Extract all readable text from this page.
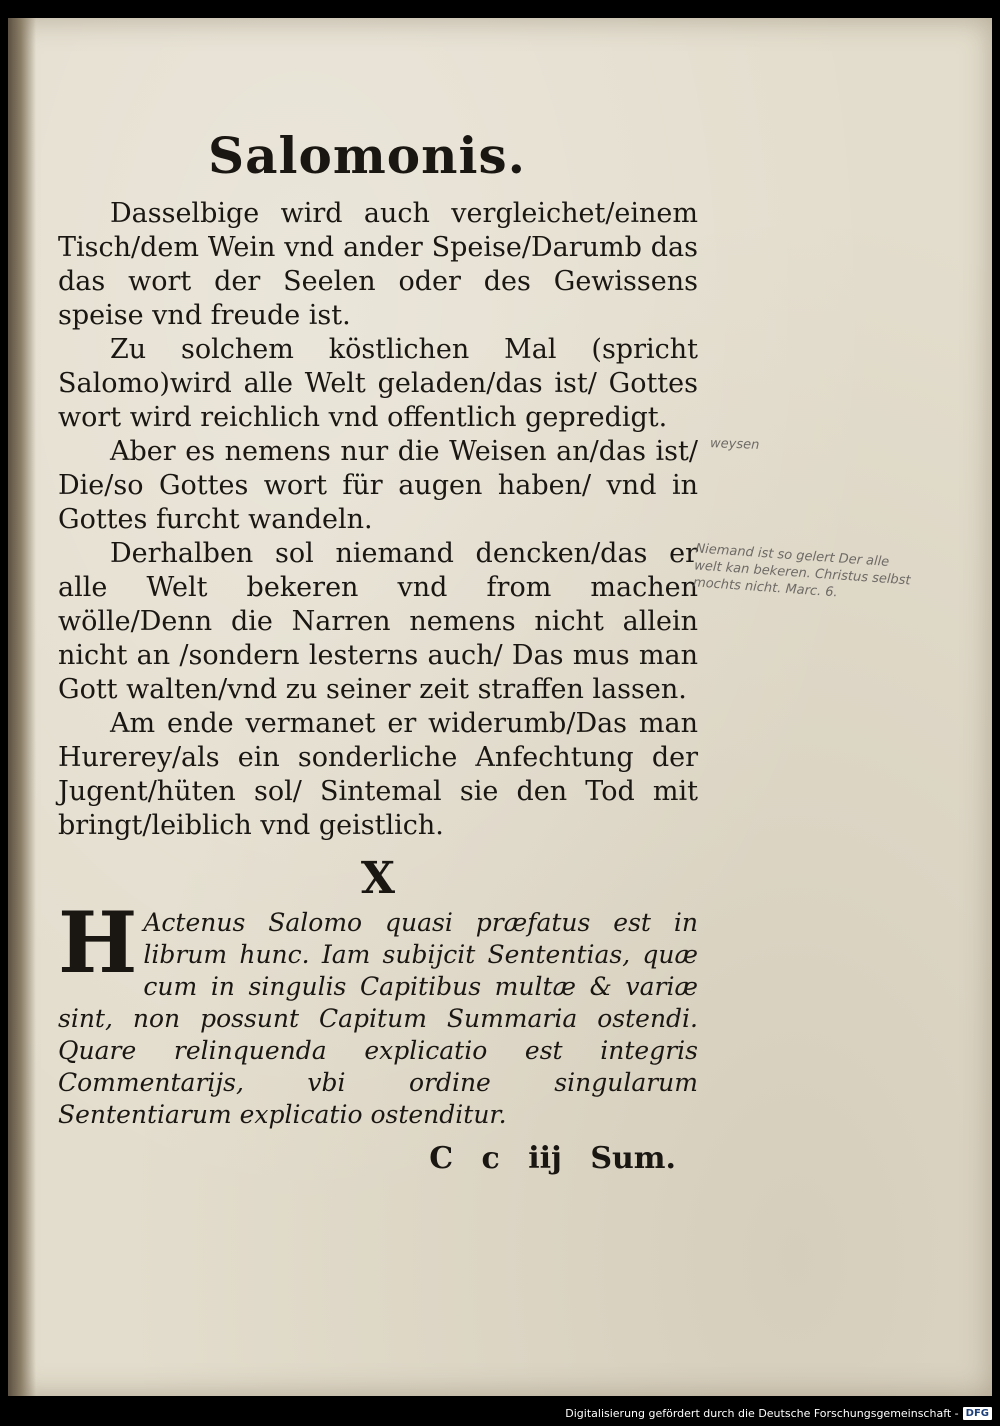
Salomonis.

Dasselbige wird auch vergleichet/einem Tisch/dem Wein vnd ander Speise/Darumb das das wort der Seelen oder des Gewissens speise vnd freude ist.

Zu solchem köstlichen Mal (spricht Salomo)wird alle Welt geladen/das ist/ Gottes wort wird reichlich vnd offentlich gepredigt.

Aber es nemens nur die Weisen an/das ist/ Die/so Gottes wort für augen haben/ vnd in Gottes furcht wandeln.

Derhalben sol niemand dencken/das er alle Welt bekeren vnd from machen wölle/Denn die Narren nemens nicht allein nicht an /sondern lesterns auch/ Das mus man Gott walten/vnd zu seiner zeit straffen lassen.

Am ende vermanet er widerumb/Das man Hurerey/als ein sonderliche Anfechtung der Jugent/hüten sol/ Sintemal sie den Tod mit bringt/leiblich vnd geistlich.

X

H Actenus Salomo quasi præfatus est in librum hunc. Iam subijcit Sententias, quæ cum in singulis Capitibus multæ & variæ sint, non possunt Capitum Summaria ostendi. Quare relinquenda explicatio est integris Commentarijs, vbi ordine singularum Sententiarum explicatio ostenditur.

C c iij Sum.
weysen
Niemand ist so gelert Der alle welt kan bekeren. Christus selbst mochts nicht. Marc. 6.
Digitalisierung gefördert durch die Deutsche Forschungsgemeinschaft - DFG
